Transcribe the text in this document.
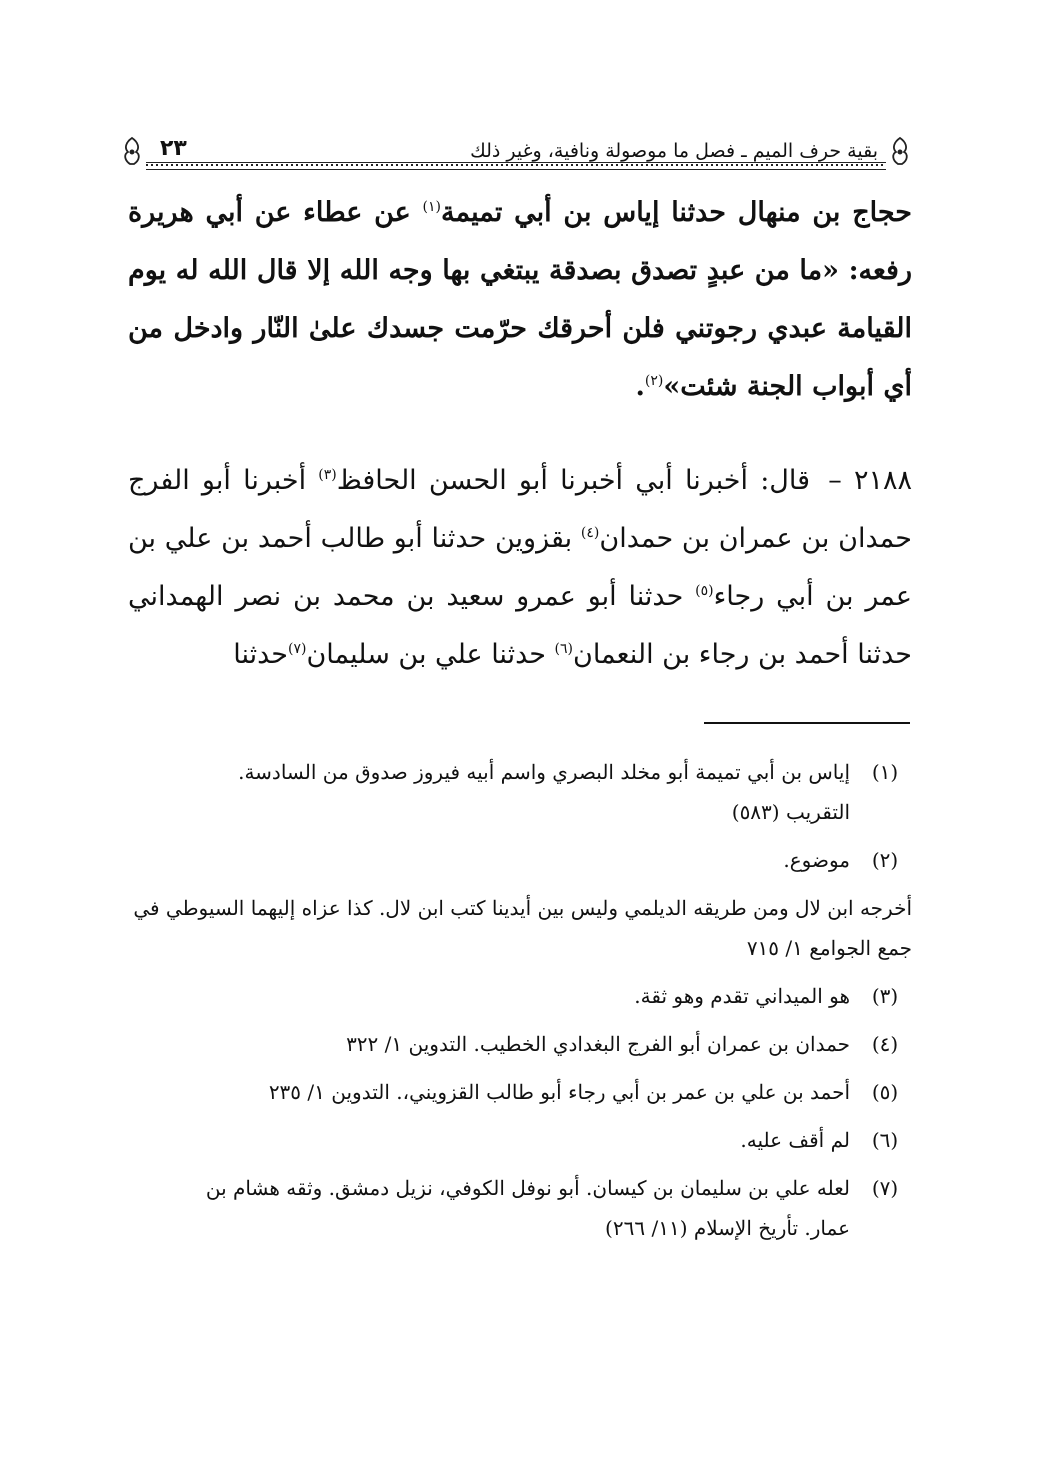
بقية حرف الميم ـ فصل ما موصولة ونافية، وغير ذلك
٢٣

حجاج بن منهال حدثنا إياس بن أبي تميمة$^{(١)}$ عن عطاء عن أبي هريرة رفعه: «ما من عبدٍ تصدق بصدقة يبتغي بها وجه الله إلا قال الله له يوم القيامة عبدي رجوتني فلن أحرقك حرّمت جسدك علىٰ النّار وادخل من أي أبواب الجنة شئت»$^{(٢)}$.

٢١٨٨ – قال: أخبرنا أبي أخبرنا أبو الحسن الحافظ$^{(٣)}$ أخبرنا أبو الفرج حمدان بن عمران بن حمدان$^{(٤)}$ بقزوين حدثنا أبو طالب أحمد بن علي بن عمر بن أبي رجاء$^{(٥)}$ حدثنا أبو عمرو سعيد بن محمد بن نصر الهمداني حدثنا أحمد بن رجاء بن النعمان$^{(٦)}$ حدثنا علي بن سليمان$^{(٧)}$حدثنا

(١)
إياس بن أبي تميمة أبو مخلد البصري واسم أبيه فيروز صدوق من السادسة.
التقريب (٥٨٣)
(٢)
موضوع.
أخرجه ابن لال ومن طريقه الديلمي وليس بين أيدينا كتب ابن لال. كذا عزاه إليهما السيوطي في جمع الجوامع ١/ ٧١٥
(٣)
هو الميداني تقدم وهو ثقة.
(٤)
حمدان بن عمران أبو الفرج البغدادي الخطيب. التدوين ١/ ٣٢٢
(٥)
أحمد بن علي بن عمر بن أبي رجاء أبو طالب القزويني،. التدوين ١/ ٢٣٥
(٦)
لم أقف عليه.
(٧)
لعله علي بن سليمان بن كيسان. أبو نوفل الكوفي، نزيل دمشق. وثقه هشام بن
عمار. تأريخ الإسلام (١١/ ٢٦٦)
